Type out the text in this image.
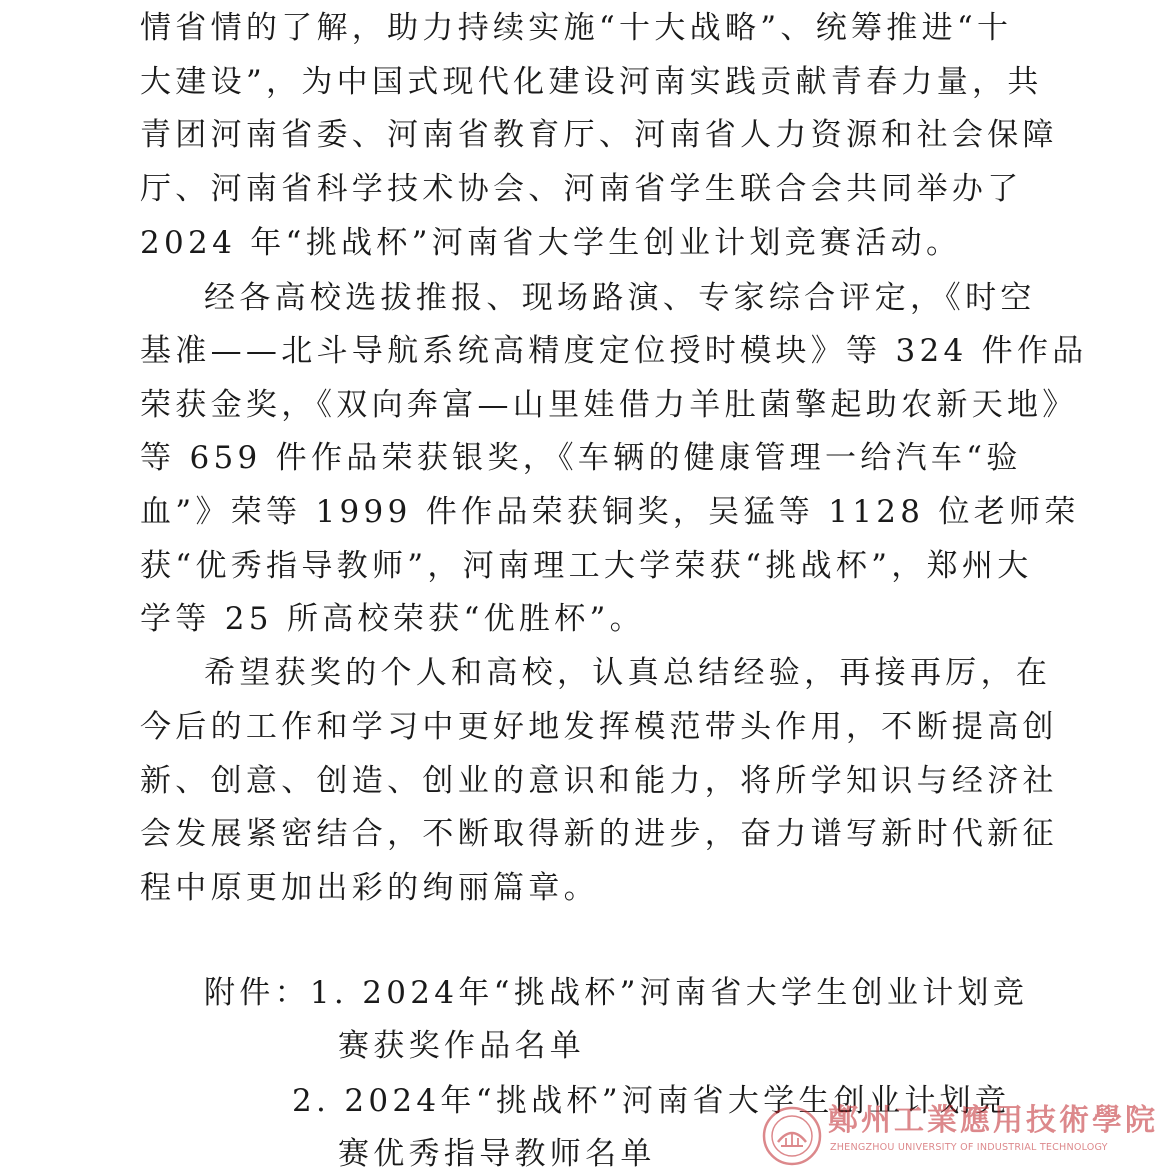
情省情的了解，助力持续实施“十大战略”、统筹推进“十
大建设”，为中国式现代化建设河南实践贡献青春力量，共
青团河南省委、河南省教育厅、河南省人力资源和社会保障
厅、河南省科学技术协会、河南省学生联合会共同举办了
2024 年“挑战杯”河南省大学生创业计划竞赛活动。
经各高校选拔推报、现场路演、专家综合评定，《时空
基准——北斗导航系统高精度定位授时模块》等 324 件作品
荣获金奖，《双向奔富—山里娃借力羊肚菌擎起助农新天地》
等 659 件作品荣获银奖，《车辆的健康管理一给汽车“验
血”》荣等 1999 件作品荣获铜奖，吴猛等 1128 位老师荣
获“优秀指导教师”，河南理工大学荣获“挑战杯”，郑州大
学等 25 所高校荣获“优胜杯”。
希望获奖的个人和高校，认真总结经验，再接再厉，在
今后的工作和学习中更好地发挥模范带头作用，不断提高创
新、创意、创造、创业的意识和能力，将所学知识与经济社
会发展紧密结合，不断取得新的进步，奋力谱写新时代新征
程中原更加出彩的绚丽篇章。
附件：1. 2024年“挑战杯”河南省大学生创业计划竞
赛获奖作品名单
2. 2024年“挑战杯”河南省大学生创业计划竞
赛优秀指导教师名单
鄭州工業應用技術學院
ZHENGZHOU UNIVERSITY OF INDUSTRIAL TECHNOLOGY
